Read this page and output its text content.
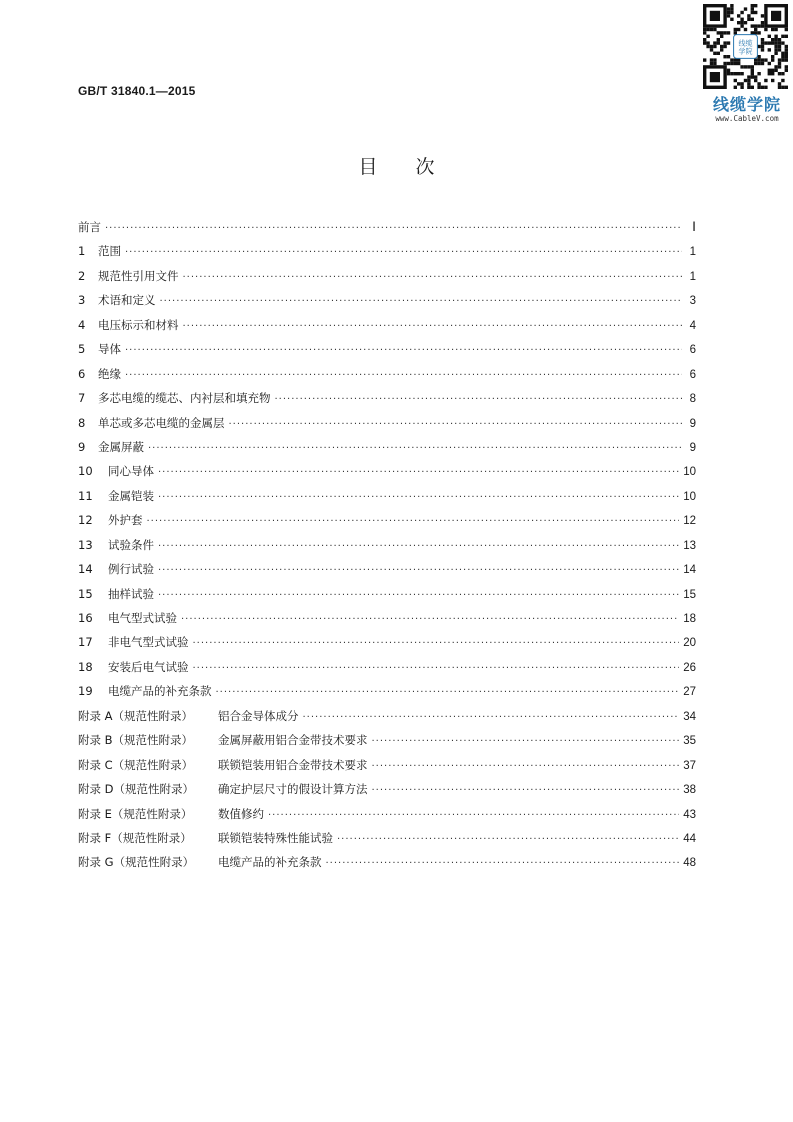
GB/T 31840.1—2015
线缆
学院
线缆学院
www.CableV.com
目次
前言 ·····	Ⅰ
1	范围 ·····	1
2	规范性引用文件 ·····	1
3	术语和定义 ·····	3
4	电压标示和材料 ·····	4
5	导体 ·····	6
6	绝缘 ·····	6
7	多芯电缆的缆芯、内衬层和填充物 ·····	8
8	单芯或多芯电缆的金属层 ·····	9
9	金属屏蔽 ·····	9
10	同心导体 ·····	10
11	金属铠装 ·····	10
12	外护套 ·····	12
13	试验条件 ·····	13
14	例行试验 ·····	14
15	抽样试验 ·····	15
16	电气型式试验 ·····	18
17	非电气型式试验 ·····	20
18	安装后电气试验 ·····	26
19	电缆产品的补充条款 ·····	27
附录 A（规范性附录）	铝合金导体成分 ·····	34
附录 B（规范性附录）	金属屏蔽用铝合金带技术要求 ·····	35
附录 C（规范性附录）	联锁铠装用铝合金带技术要求 ·····	37
附录 D（规范性附录）	确定护层尺寸的假设计算方法 ·····	38
附录 E（规范性附录）	数值修约 ·····	43
附录 F（规范性附录）	联锁铠装特殊性能试验 ·····	44
附录 G（规范性附录）	电缆产品的补充条款 ·····	48
